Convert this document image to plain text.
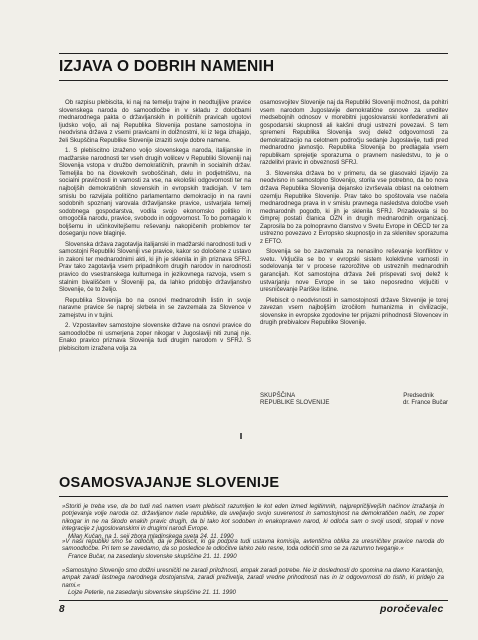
IZJAVA O DOBRIH NAMENIH

Ob razpisu plebiscita, ki naj na temelju trajne in neodtujljive pravice slovenskega naroda do samoodločbe in v skladu z določbami mednarodnega pakta o državljanskih in političnih pravicah ugotovi ljudsko voljo, ali naj Republika Slovenija postane samostojna in neodvisna država z vsemi pravicami in dolžnostmi, ki iz tega izhajajo, želi Skupščina Republike Slovenije izraziti svoje dobre namene.

1. S plebiscitno izraženo voljo slovenskega naroda, italijanske in madžarske narodnosti ter vseh drugih volilcev v Republiki Sloveniji naj Slovenija vstopa v družbo demokratičnih, pravnih in socialnih držav. Temeljila bo na človekovih svoboščinah, delu in podjetništvu, na socialni pravičnosti in varnosti za vse, na ekološki odgovornosti ter na najboljših demokratičnih slovenskih in evropskih tradicijah. V tem smislu bo razvijala politično parlamentarno demokracijo in na ravni sodobnih spoznanj varovala državljanske pravice, ustvarjala temelj sodobnega gospodarstva, vodila svojo ekonomsko politiko in omogočila narodu, pravice, svobodo in odgovornost. To bo pomagalo k boljšemu in učinkovitejšemu reševanju nakopičenih problemov ter doseganju nove blaginje.

Slovenska država zagotavlja italijanski in madžarski narodnosti tudi v samostojni Republiki Sloveniji vse pravice, kakor so določene z ustavo in zakoni ter mednarodnimi akti, ki jih je sklenila in jih priznava SFRJ. Prav tako zagotavlja vsem pripadnikom drugih narodov in narodnosti pravico do vsestranskega kulturnega in jezikovnega razvoja, vsem s stalnim bivališčem v Sloveniji pa, da lahko pridobijo državljanstvo Slovenije, če to želijo.

Republika Slovenija bo na osnovi mednarodnih listin in svoje naravne pravice še naprej skrbela in se zavzemala za Slovence v zamejstvu in v tujini.

2. Vzpostavitev samostojne slovenske države na osnovi pravice do samoodločbe ni usmerjena zoper nikogar v Jugoslaviji niti zunaj nje. Enako pravico priznava Slovenija tudi drugim narodom v SFRJ. S plebiscitom izražena volja za

osamosvojitev Slovenije naj da Republiki Sloveniji možnost, da pohitri vsem narodom Jugoslavije demokratične osnove za ureditev medsebojnih odnosov v morebitni jugoslovanski konfederativni ali gospodarski skupnosti ali kakšni drugi ustrezni povezavi. S tem spremeni Republika Slovenija svoj delež odgovornosti za demokratizacijo na celotnem področju sedanje Jugoslavije, tudi pred mednarodno javnostjo. Republika Slovenija bo predlagala vsem republikam sprejetje sporazuma o pravnem nasledstvu, to je o razdelitvi pravic in obveznosti SFRJ.

3. Slovenska država bo v primeru, da se glasovalci izjavijo za neodvisno in samostojno Slovenijo, storila vse potrebno, da bo nova država Republika Slovenija dejansko izvrševala oblast na celotnem ozemlju Republike Slovenije. Prav tako bo spoštovala vse načela mednarodnega prava in v smislu pravnega nasledstva določbe vseh mednarodnih pogodb, ki jih je sklenila SFRJ. Prizadevala si bo čimprej postati članica OZN in drugih mednarodnih organizacij. Zaprosila bo za polnopravno članstvo v Svetu Evrope in OECD ter za ustrezno povezavo z Evropsko skupnostjo in za sklenitev sporazuma z EFTO.

Slovenija se bo zavzemala za nenasilno reševanje konfliktov v svetu. Vključila se bo v evropski sistem kolektivne varnosti in sodelovanja ter v procese razorožitve ob ustreznih mednarodnih garancijah. Kot samostojna država želi prispevati svoj delež k ustvarjanju nove Evrope in se tako neposredno vključiti v uresničevanje Pariške listine.

Plebiscit o neodvisnosti in samostojnosti države Slovenije je torej zavezan vsem najboljšim izročilom humanizma in civilizacije, slovenske in evropske zgodovine ter prijazni prihodnosti Slovencev in drugih prebivalcev Republike Slovenije.

SKUPŠČINA
REPUBLIKE SLOVENIJE
Predsednik
dr. France Bučar
OSAMOSVAJANJE SLOVENIJE
»Storiti je treba vse, da bo tudi naš namen vsem plebiscit razumljen le kot eden izmed legitimnih, najprepričljivejših načinov izražanja in potrjevanja volje naroda oz. državljanov naše republike, da uveljavijo svojo suverenost in samostojnost na demokratičen način, ne zoper nikogar in ne na škodo enakih pravic drugih, da bi tako kot sodoben in enakopraven narod, ki odloča sam o svoji usodi, stopali v nove integracije z jugoslovanskimi in drugimi narodi Evrope.
Milan Kučan, na 1. seji zbora mladinskega sveta 24. 11. 1990
»V naši republiki smo se odločili, da je plebiscit, ki ga podpira tudi ustavna komisija, avtentična oblika za uresničitev pravice naroda do samoodločbe. Pri tem se zavedamo, da so posledice te odločitve lahko zelo resne, toda odločiti smo se za razumno tveganje.«
France Bučar, na zasedanju slovenske skupščine 21. 11. 1990
»Samostojno Slovenijo smo dolžni uresničiti ne zaradi priložnosti, ampak zaradi potrebe. Ne iz doslednosti do spomina na davno Karantanijo, ampak zaradi lastnega narodnega dostojanstva, zaradi preživetja, zaradi vredne prihodnosti nas in iz odgovornosti do tistih, ki pridejo za nami.«
Lojze Peterle, na zasedanju slovenske skupščine 21. 11. 1990
8	poročevalec
